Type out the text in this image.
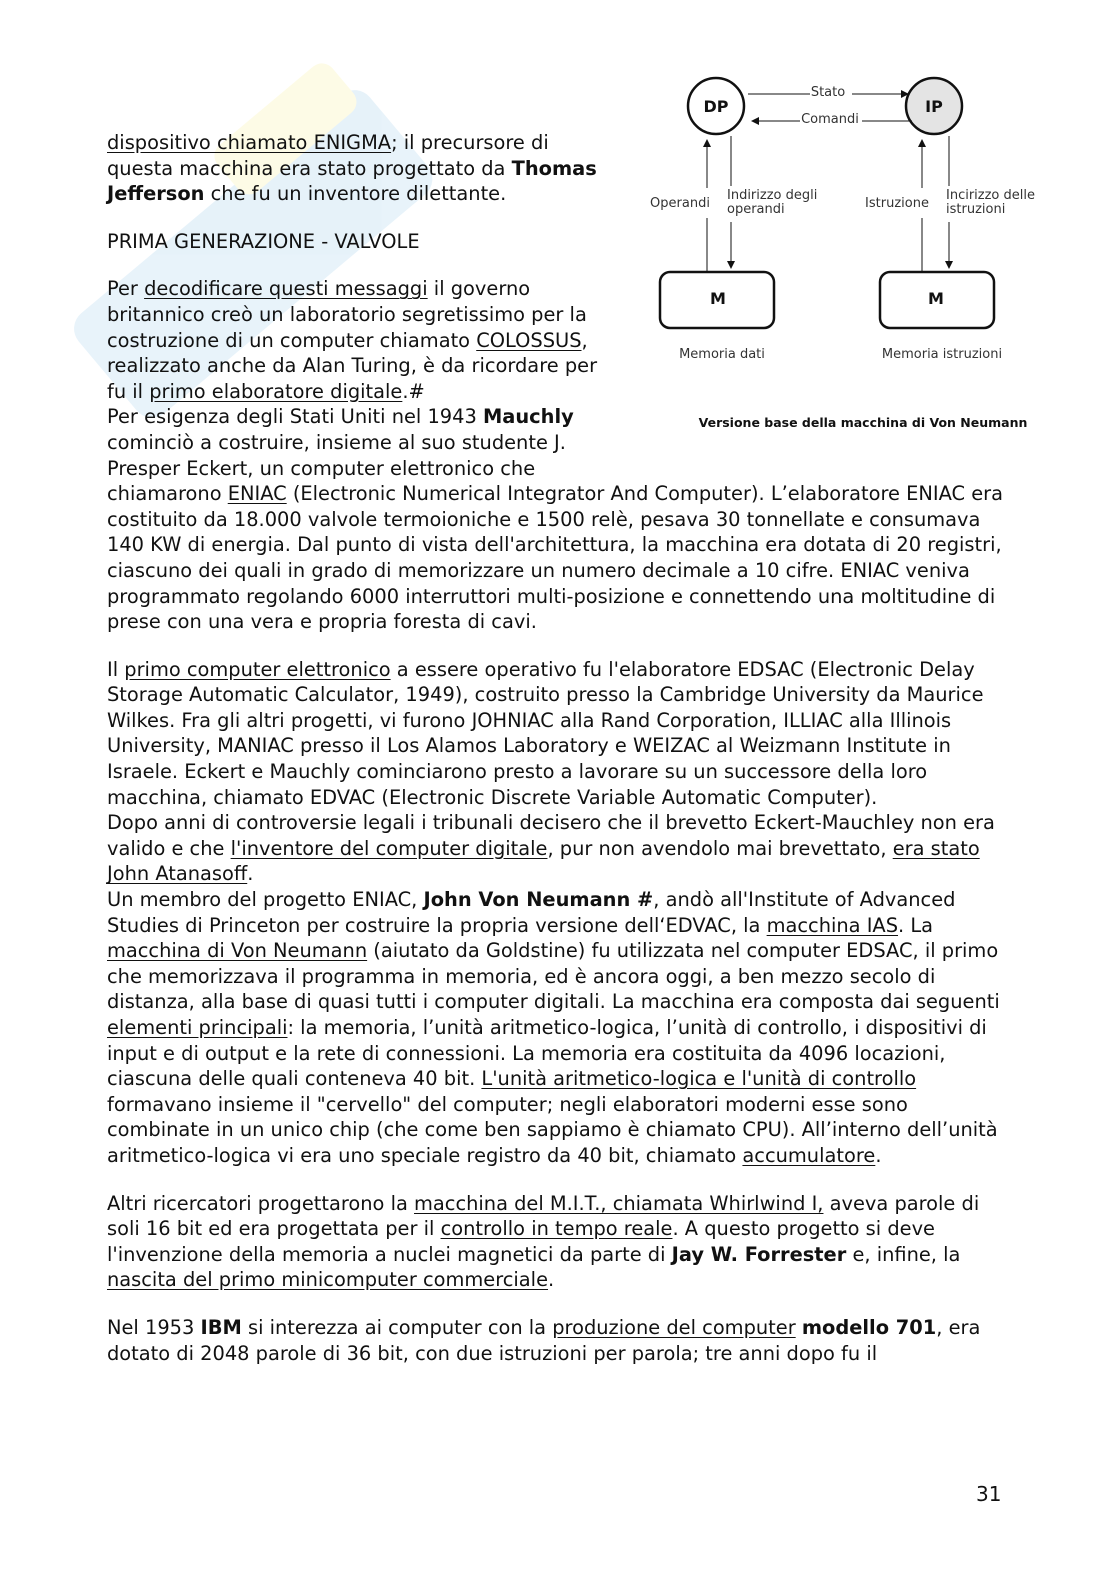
DP	IP
Stato
Comandi
Operandi
Indirizzo degli
operandi	Istruzione
Incirizzo delle
istruzioni
M	M
Memoria dati	Memoria istruzioni
Versione base della macchina di Von Neumann

dispositivo chiamato ENIGMA; il precursore di questa macchina era stato progettato da Thomas Jefferson che fu un inventore dilettante.

PRIMA GENERAZIONE - VALVOLE

Per decodificare questi messaggi il governo britannico creò un laboratorio segretissimo per la costruzione di un computer chiamato COLOSSUS, realizzato anche da Alan Turing, è da ricordare per fu il primo elaboratore digitale.#

Per esigenza degli Stati Uniti nel 1943 Mauchly cominciò a costruire, insieme al suo studente J. Presper Eckert, un computer elettronico che chiamarono ENIAC (Electronic Numerical Integrator And Computer). L’elaboratore ENIAC era costituito da 18.000 valvole termoioniche e 1500 relè, pesava 30 tonnellate e consumava 140 KW di energia. Dal punto di vista dell'architettura, la macchina era dotata di 20 registri, ciascuno dei quali in grado di memorizzare un numero decimale a 10 cifre. ENIAC veniva programmato regolando 6000 interruttori multi-posizione e connettendo una moltitudine di prese con una vera e propria foresta di cavi.

Il primo computer elettronico a essere operativo fu l'elaboratore EDSAC (Electronic Delay Storage Automatic Calculator, 1949), costruito presso la Cambridge University da Maurice Wilkes. Fra gli altri progetti, vi furono JOHNIAC alla Rand Corporation, ILLIAC alla Illinois University, MANIAC presso il Los Alamos Laboratory e WEIZAC al Weizmann Institute in Israele. Eckert e Mauchly cominciarono presto a lavorare su un successore della loro macchina, chiamato EDVAC (Electronic Discrete Variable Automatic Computer).

Dopo anni di controversie legali i tribunali decisero che il brevetto Eckert-Mauchley non era valido e che l'inventore del computer digitale, pur non avendolo mai brevettato, era stato John Atanasoff.

Un membro del progetto ENIAC, John Von Neumann #, andò all'Institute of Advanced Studies di Princeton per costruire la propria versione dell‘EDVAC, la macchina IAS. La macchina di Von Neumann (aiutato da Goldstine) fu utilizzata nel computer EDSAC, il primo che memorizzava il programma in memoria, ed è ancora oggi, a ben mezzo secolo di distanza, alla base di quasi tutti i computer digitali. La macchina era composta dai seguenti elementi principali: la memoria, l’unità aritmetico-logica, l’unità di controllo, i dispositivi di input e di output e la rete di connessioni. La memoria era costituita da 4096 locazioni, ciascuna delle quali conteneva 40 bit. L'unità aritmetico-logica e l'unità di controllo formavano insieme il "cervello" del computer; negli elaboratori moderni esse sono combinate in un unico chip (che come ben sappiamo è chiamato CPU). All’interno dell’unità aritmetico-logica vi era uno speciale registro da 40 bit, chiamato accumulatore.

Altri ricercatori progettarono la macchina del M.I.T., chiamata Whirlwind I, aveva parole di soli 16 bit ed era progettata per il controllo in tempo reale. A questo progetto si deve l'invenzione della memoria a nuclei magnetici da parte di Jay W. Forrester e, infine, la nascita del primo minicomputer commerciale.

Nel 1953 IBM si interezza ai computer con la produzione del computer modello 701, era dotato di 2048 parole di 36 bit, con due istruzioni per parola; tre anni dopo fu il

31
